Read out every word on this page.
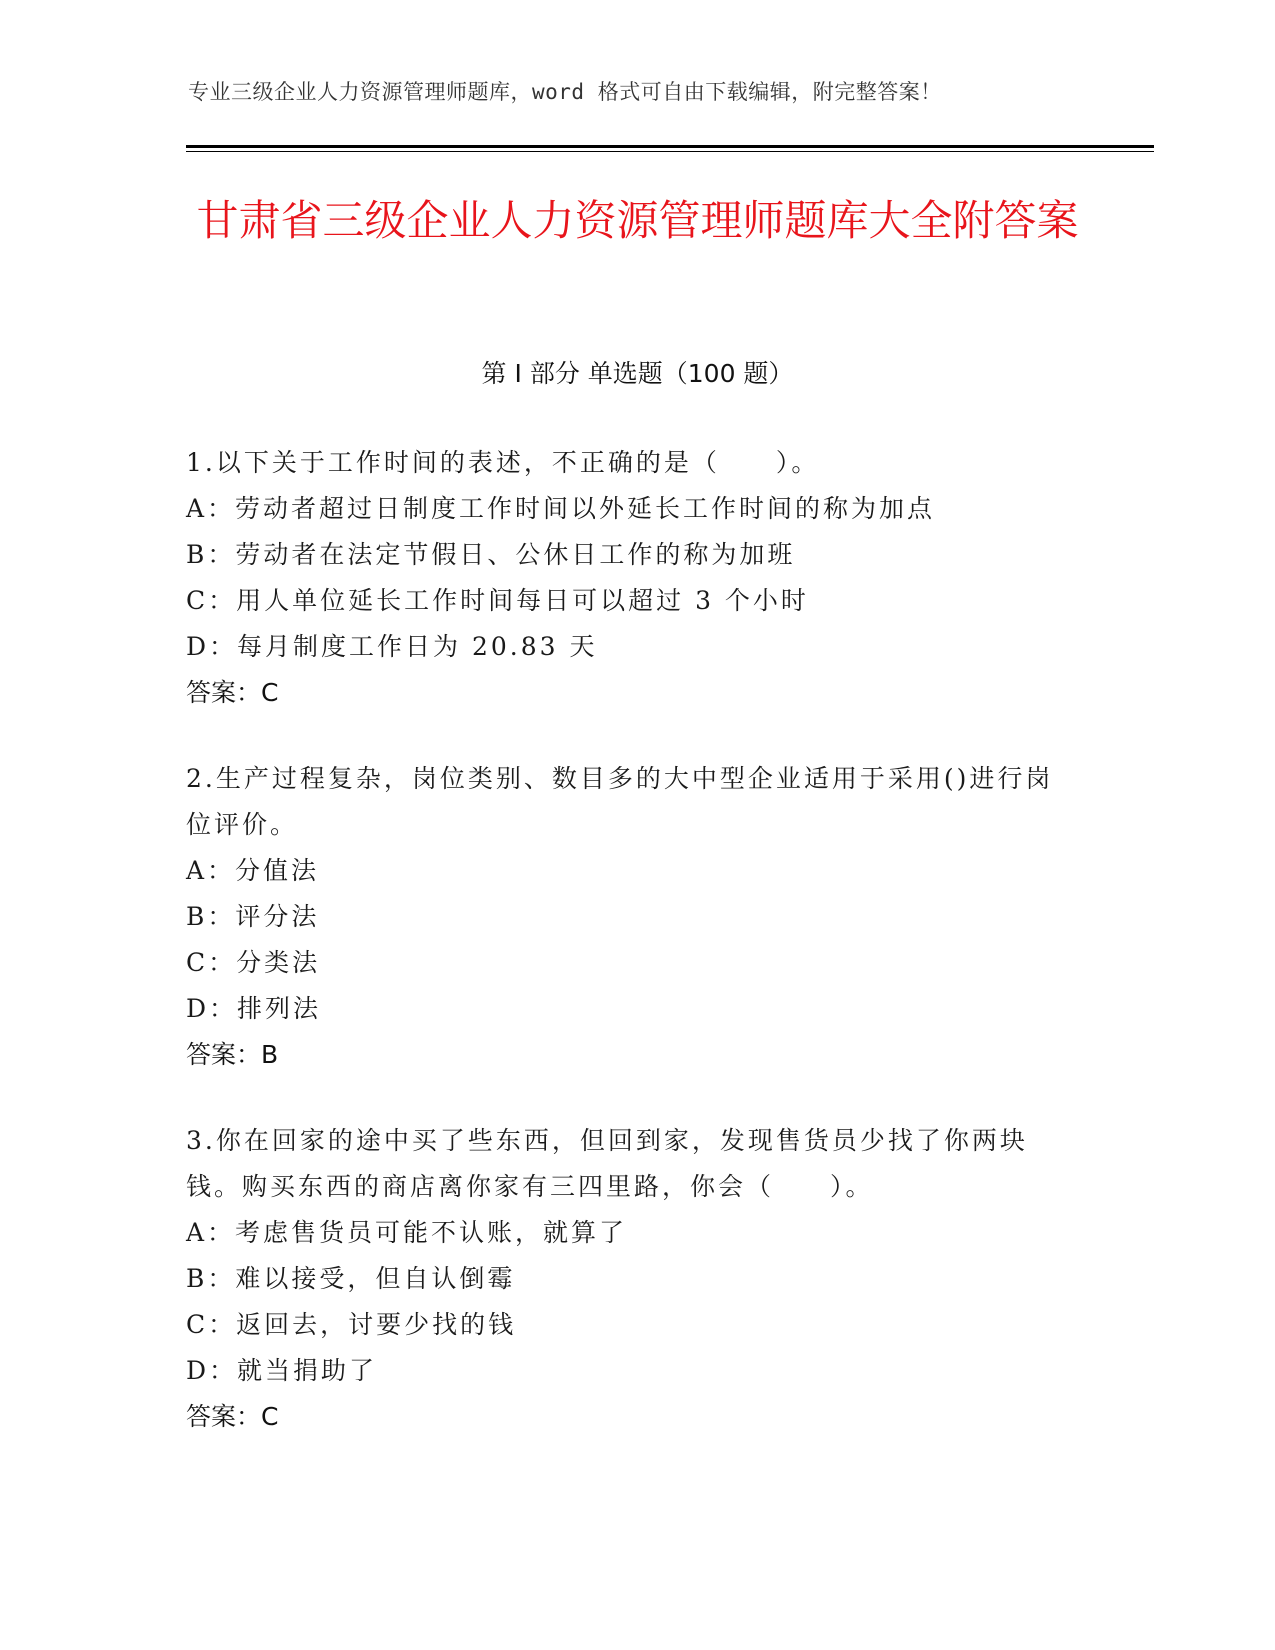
专业三级企业人力资源管理师题库，word 格式可自由下载编辑，附完整答案！
甘肃省三级企业人力资源管理师题库大全附答案
第 I 部分 单选题（100 题）
1.以下关于工作时间的表述，不正确的是（　　）。
A：劳动者超过日制度工作时间以外延长工作时间的称为加点
B：劳动者在法定节假日、公休日工作的称为加班
C：用人单位延长工作时间每日可以超过 3 个小时
D：每月制度工作日为 20.83 天
答案：C
2.生产过程复杂，岗位类别、数目多的大中型企业适用于采用()进行岗位评价。
A：分值法
B：评分法
C：分类法
D：排列法
答案：B
3.你在回家的途中买了些东西，但回到家，发现售货员少找了你两块钱。购买东西的商店离你家有三四里路，你会（　　）。
A：考虑售货员可能不认账，就算了
B：难以接受，但自认倒霉
C：返回去，讨要少找的钱
D：就当捐助了
答案：C
